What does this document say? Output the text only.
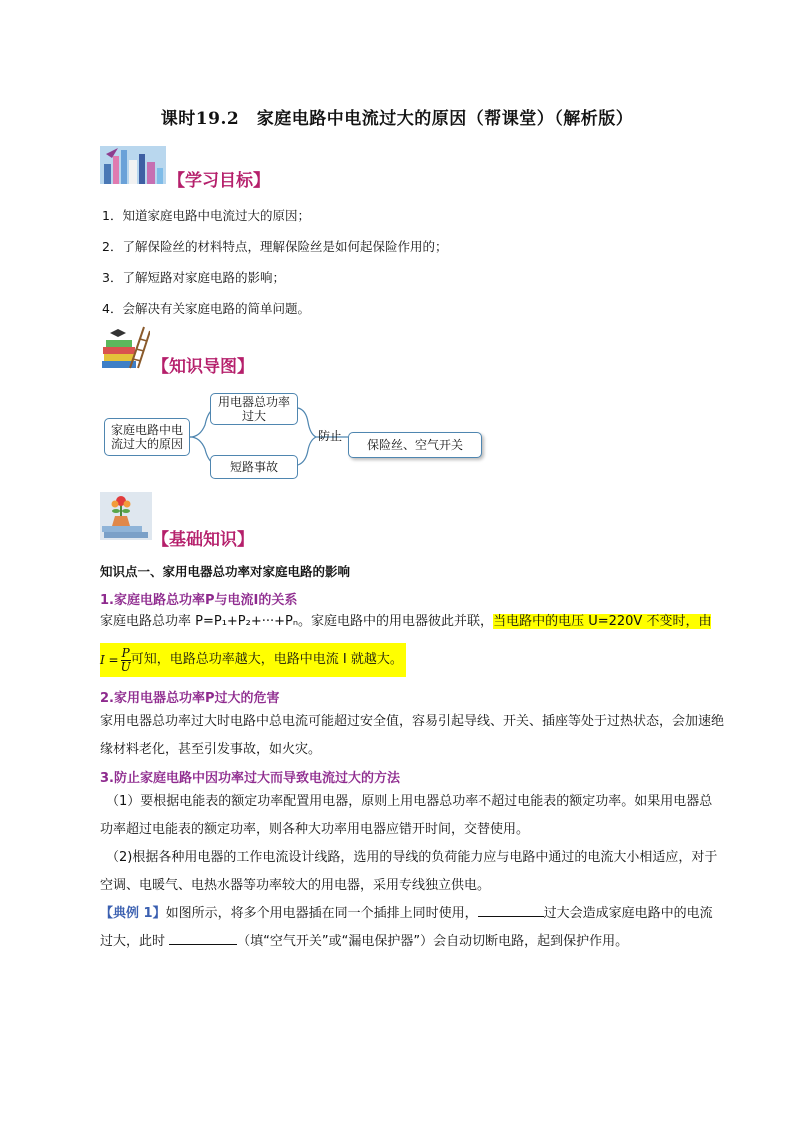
课时19.2　家庭电路中电流过大的原因（帮课堂）（解析版）
【学习目标】
1．知道家庭电路中电流过大的原因；
2．了解保险丝的材料特点，理解保险丝是如何起保险作用的；
3．了解短路对家庭电路的影响；
4．会解决有关家庭电路的简单问题。
【知识导图】
家庭电路中电流过大的原因
用电器总功率过大
短路事故
防止
保险丝、空气开关
【基础知识】
知识点一、家用电器总功率对家庭电路的影响
1.家庭电路总功率P与电流I的关系
家庭电路总功率 P=P₁+P₂+···+Pₙ。家庭电路中的用电器彼此并联，当电路中的电压 U=220V 不变时，由
$I = \frac{P}{U}$ 可知，电路总功率越大，电路中电流 I 就越大。
2.家用电器总功率P过大的危害
家用电器总功率过大时电路中总电流可能超过安全值，容易引起导线、开关、插座等处于过热状态，会加速绝缘材料老化，甚至引发事故，如火灾。
3.防止家庭电路中因功率过大而导致电流过大的方法
（1）要根据电能表的额定功率配置用电器，原则上用电器总功率不超过电能表的额定功率。如果用电器总功率超过电能表的额定功率，则各种大功率用电器应错开时间，交替使用。
（2)根据各种用电器的工作电流设计线路，选用的导线的负荷能力应与电路中通过的电流大小相适应，对于空调、电暖气、电热水器等功率较大的用电器，采用专线独立供电。
【典例 1】如图所示，将多个用电器插在同一个插排上同时使用，	过大会造成家庭电路中的电流过大，此时	（填“空气开关”或“漏电保护器”）会自动切断电路，起到保护作用。
